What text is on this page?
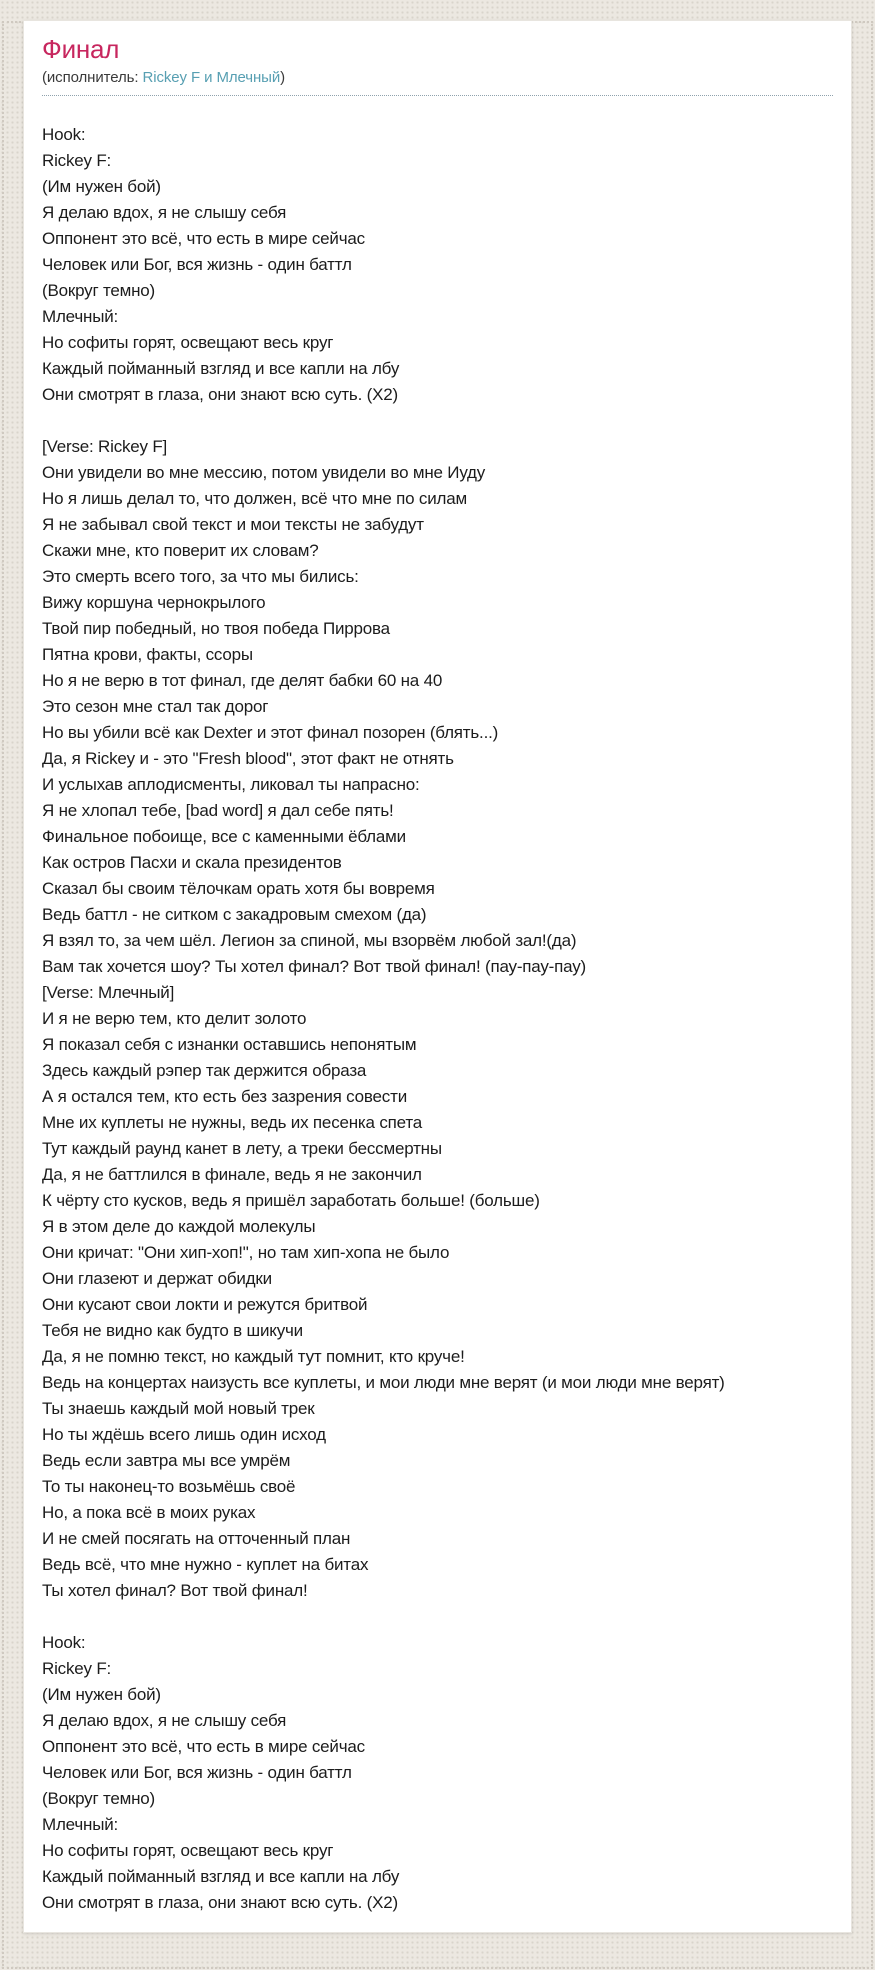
Финал

(исполнитель: Rickey F и Млечный)

Hook:
Rickey F:
(Им нужен бой)
Я делаю вдох, я не слышу себя
Оппонент это всё, что есть в мире сейчас
Человек или Бог, вся жизнь - один баттл
(Вокруг темно)
Млечный:
Но софиты горят, освещают весь круг
Каждый пойманный взгляд и все капли на лбу
Они смотрят в глаза, они знают всю суть. (X2)

[Verse: Rickey F]
Они увидели во мне мессию, потом увидели во мне Иуду
Но я лишь делал то, что должен, всё что мне по силам
Я не забывал свой текст и мои тексты не забудут
Скажи мне, кто поверит их словам?
Это смерть всего того, за что мы бились:
Вижу коршуна чернокрылого
Твой пир победный, но твоя победа Пиррова
Пятна крови, факты, ссоры
Но я не верю в тот финал, где делят бабки 60 на 40
Это сезон мне стал так дорог
Но вы убили всё как Dexter и этот финал позорен (блять...)
Да, я Rickey и - это "Fresh blood", этот факт не отнять
И услыхав аплодисменты, ликовал ты напрасно:
Я не хлопал тебе, [bad word] я дал себе пять!
Финальное побоище, все с каменными ёблами
Как остров Пасхи и скала президентов
Сказал бы своим тёлочкам орать хотя бы вовремя
Ведь баттл - не ситком с закадровым смехом (да)
Я взял то, за чем шёл. Легион за спиной, мы взорвём любой зал!(да)
Вам так хочется шоу? Ты хотел финал? Вот твой финал! (пау-пау-пау)
[Verse: Млечный]
И я не верю тем, кто делит золото
Я показал себя с изнанки оставшись непонятым
Здесь каждый рэпер так держится образа
А я остался тем, кто есть без зазрения совести
Мне их куплеты не нужны, ведь их песенка спета
Тут каждый раунд канет в лету, а треки бессмертны
Да, я не баттлился в финале, ведь я не закончил
К чёрту сто кусков, ведь я пришёл заработать больше! (больше)
Я в этом деле до каждой молекулы
Они кричат: "Они хип-хоп!", но там хип-хопа не было
Они глазеют и держат обидки
Они кусают свои локти и режутся бритвой
Тебя не видно как будто в шикучи
Да, я не помню текст, но каждый тут помнит, кто круче!
Ведь на концертах наизусть все куплеты, и мои люди мне верят (и мои люди мне верят)
Ты знаешь каждый мой новый трек
Но ты ждёшь всего лишь один исход
Ведь если завтра мы все умрём
То ты наконец-то возьмёшь своё
Но, а пока всё в моих руках
И не смей посягать на отточенный план
Ведь всё, что мне нужно - куплет на битах
Ты хотел финал? Вот твой финал!

Hook:
Rickey F:
(Им нужен бой)
Я делаю вдох, я не слышу себя
Оппонент это всё, что есть в мире сейчас
Человек или Бог, вся жизнь - один баттл
(Вокруг темно)
Млечный:
Но софиты горят, освещают весь круг
Каждый пойманный взгляд и все капли на лбу
Они смотрят в глаза, они знают всю суть. (X2)
